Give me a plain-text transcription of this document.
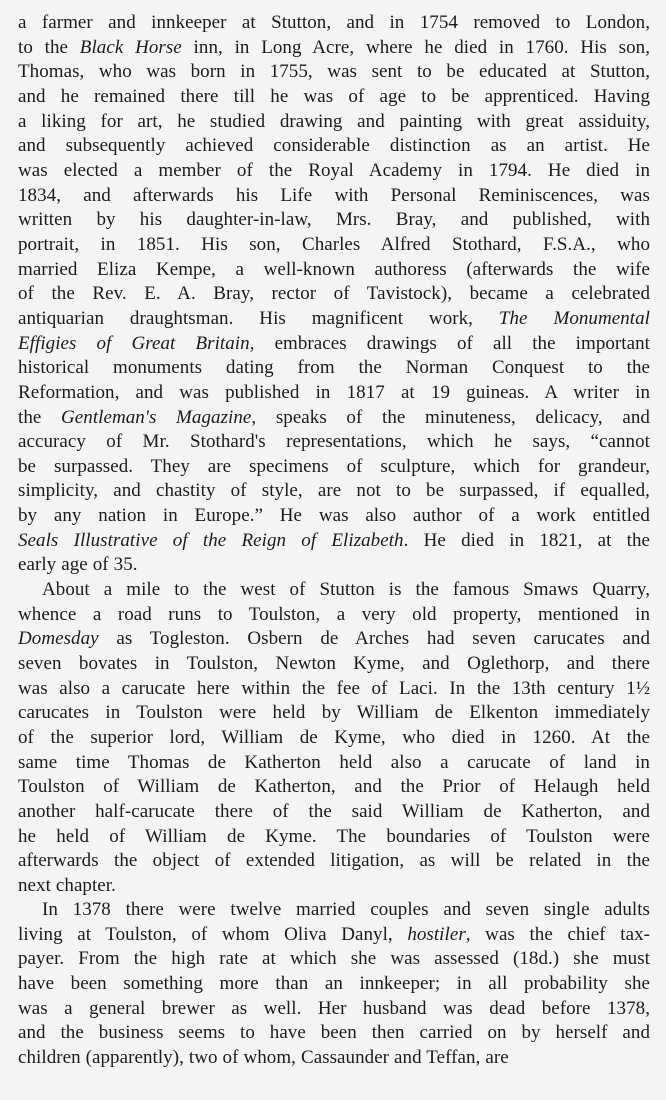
a farmer and innkeeper at Stutton, and in 1754 removed to London,
to the Black Horse inn, in Long Acre, where he died in 1760. His son,
Thomas, who was born in 1755, was sent to be educated at Stutton,
and he remained there till he was of age to be apprenticed. Having
a liking for art, he studied drawing and painting with great assiduity,
and subsequently achieved considerable distinction as an artist. He
was elected a member of the Royal Academy in 1794. He died in
1834, and afterwards his Life with Personal Reminiscences, was
written by his daughter-in-law, Mrs. Bray, and published, with
portrait, in 1851. His son, Charles Alfred Stothard, F.S.A., who
married Eliza Kempe, a well-known authoress (afterwards the wife
of the Rev. E. A. Bray, rector of Tavistock), became a celebrated
antiquarian draughtsman. His magnificent work, The Monumental
Effigies of Great Britain, embraces drawings of all the important
historical monuments dating from the Norman Conquest to the
Reformation, and was published in 1817 at 19 guineas. A writer in
the Gentleman's Magazine, speaks of the minuteness, delicacy, and
accuracy of Mr. Stothard's representations, which he says, “cannot
be surpassed. They are specimens of sculpture, which for grandeur,
simplicity, and chastity of style, are not to be surpassed, if equalled,
by any nation in Europe.” He was also author of a work entitled
Seals Illustrative of the Reign of Elizabeth. He died in 1821, at the
early age of 35.
About a mile to the west of Stutton is the famous Smaws Quarry,
whence a road runs to Toulston, a very old property, mentioned in
Domesday as Togleston. Osbern de Arches had seven carucates and
seven bovates in Toulston, Newton Kyme, and Oglethorp, and there
was also a carucate here within the fee of Laci. In the 13th century 1½
carucates in Toulston were held by William de Elkenton immediately
of the superior lord, William de Kyme, who died in 1260. At the
same time Thomas de Katherton held also a carucate of land in
Toulston of William de Katherton, and the Prior of Helaugh held
another half-carucate there of the said William de Katherton, and
he held of William de Kyme. The boundaries of Toulston were
afterwards the object of extended litigation, as will be related in the
next chapter.
In 1378 there were twelve married couples and seven single adults
living at Toulston, of whom Oliva Danyl, hostiler, was the chief tax-
payer. From the high rate at which she was assessed (18d.) she must
have been something more than an innkeeper; in all probability she
was a general brewer as well. Her husband was dead before 1378,
and the business seems to have been then carried on by herself and
children (apparently), two of whom, Cassaunder and Teffan, are
